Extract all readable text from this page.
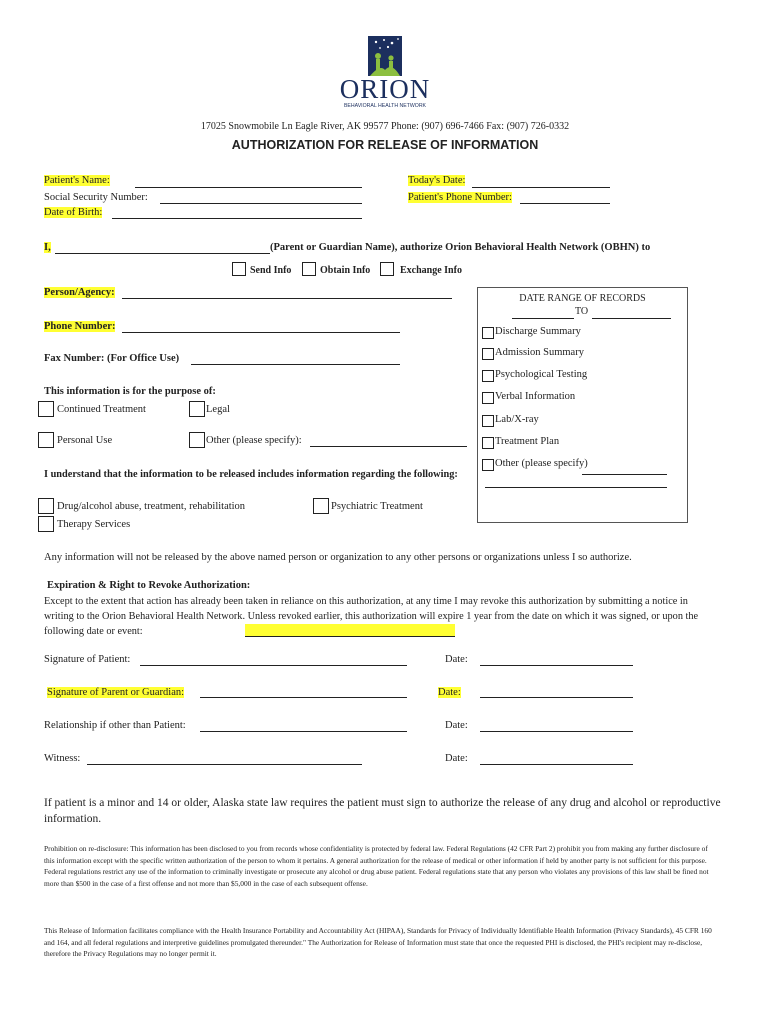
ORION
BEHAVIORAL HEALTH NETWORK
17025 Snowmobile Ln Eagle River, AK 99577 Phone: (907) 696-7466 Fax: (907) 726-0332
AUTHORIZATION FOR RELEASE OF INFORMATION
Patient's Name:
Social Security Number:
Date of Birth:
Today's Date:
Patient's Phone Number:
I,	(Parent or Guardian Name), authorize Orion Behavioral Health Network (OBHN) to
Send Info	Obtain Info	Exchange Info
Person/Agency:
Phone Number:
Fax Number: (For Office Use)
This information is for the purpose of:
Continued Treatment	Legal
Personal Use	Other (please specify):
DATE RANGE OF RECORDS
TO
Discharge Summary
Admission Summary
Psychological Testing
Verbal Information
Lab/X-ray
Treatment Plan
Other (please specify)
I understand that the information to be released includes information regarding the following:
Drug/alcohol abuse, treatment, rehabilitation	Psychiatric Treatment
Therapy Services
Any information will not be released by the above named person or organization to any other persons or organizations unless I so authorize.
Expiration & Right to Revoke Authorization:
Except to the extent that action has already been taken in reliance on this authorization, at any time I may revoke this authorization by submitting a notice in writing to the Orion Behavioral Health Network. Unless revoked earlier, this authorization will expire 1 year from the date on which it was signed, or upon the following date or event:
Signature of Patient:	Date:
Signature of Parent or Guardian:	Date:
Relationship if other than Patient:	Date:
Witness:	Date:
If patient is a minor and 14 or older, Alaska state law requires the patient must sign to authorize the release of any drug and alcohol or reproductive information.
Prohibition on re-disclosure: This information has been disclosed to you from records whose confidentiality is protected by federal law. Federal Regulations (42 CFR Part 2) prohibit you from making any further disclosure of this information except with the specific written authorization of the person to whom it pertains. A general authorization for the release of medical or other information if held by another party is not sufficient for this purpose. Federal regulations restrict any use of the information to criminally investigate or prosecute any alcohol or drug abuse patient. Federal regulations state that any person who violates any provisions of this law shall be fined not more than $500 in the case of a first offense and not more than $5,000 in the case of each subsequent offense.
This Release of Information facilitates compliance with the Health Insurance Portability and Accountability Act (HIPAA), Standards for Privacy of Individually Identifiable Health Information (Privacy Standards), 45 CFR 160 and 164, and all federal regulations and interpretive guidelines promulgated thereunder." The Authorization for Release of Information must state that once the requested PHI is disclosed, the PHI's recipient may re-disclose, therefore the Privacy Regulations may no longer permit it.
